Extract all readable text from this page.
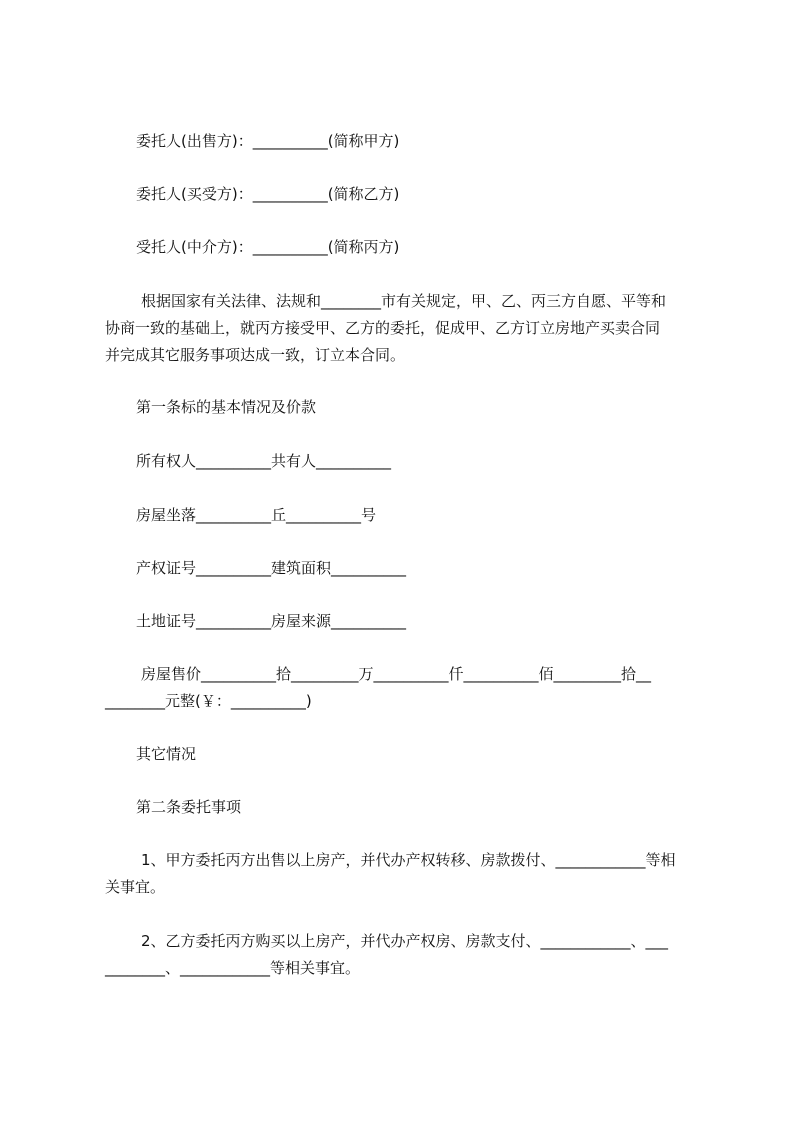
委托人(出售方)：__________(简称甲方)
委托人(买受方)：__________(简称乙方)
受托人(中介方)：__________(简称丙方)
根据国家有关法律、法规和________市有关规定，甲、乙、丙三方自愿、平等和
协商一致的基础上，就丙方接受甲、乙方的委托，促成甲、乙方订立房地产买卖合同
并完成其它服务事项达成一致，订立本合同。
第一条标的基本情况及价款
所有权人__________共有人__________
房屋坐落__________丘__________号
产权证号__________建筑面积__________
土地证号__________房屋来源__________
房屋售价__________拾_________万__________仟__________佰_________拾__
________元整(￥：__________)
其它情况
第二条委托事项
1、甲方委托丙方出售以上房产，并代办产权转移、房款拨付、____________等相
关事宜。
2、乙方委托丙方购买以上房产，并代办产权房、房款支付、____________、___
________、____________等相关事宜。
